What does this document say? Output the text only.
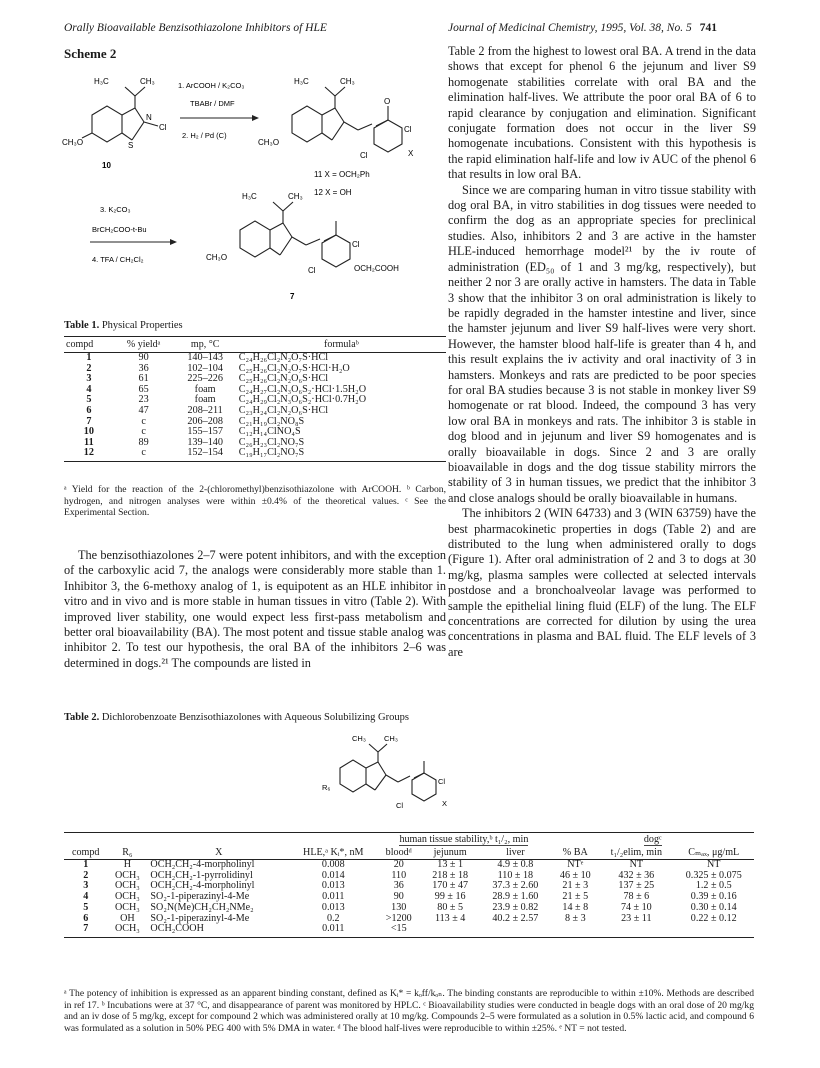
Orally Bioavailable Benzisothiazolone Inhibitors of HLE	Journal of Medicinal Chemistry, 1995, Vol. 38, No. 5 741
Scheme 2
H₃C	CH₃
CH₃O
N
S
Cl
10
1. ArCOOH / K₂CO₃
TBABr / DMF
2. H₂ / Pd (C)
H₃C	CH₃
CH₃O
O
Cl
Cl	X
11 X = OCH₂Ph
12 X = OH
3. K₂CO₃
BrCH₂COO-t-Bu
4. TFA / CH₂Cl₂
H₃C	CH₃
CH₃O
Cl
Cl	OCH₂COOH
7
Table 1. Physical Properties
compd	% yieldᵃ	mp, °C	formulaᵇ
1	90	140–143	C₂₄H₂₆Cl₂N₂O₇S·HCl
2	36	102–104	C₂₅H₂₆Cl₂N₂O₇S·HCl·H₂O
3	61	225–226	C₂₅H₂₆Cl₂N₂O₆S·HCl
4	65	foam	C₂₄H₂₇Cl₂N₃O₆S₂·HCl·1.5H₂O
5	23	foam	C₂₄H₂₉Cl₂N₃O₆S₂·HCl·0.7H₂O
6	47	208–211	C₂₃H₂₄Cl₂N₂O₆S·HCl
7	c	206–208	C₂₁H₁₉Cl₂NO₈S
10	c	155–157	C₁₂H₁₄ClNO₄S
11	89	139–140	C₂₆H₂₃Cl₂NO₇S
12	c	152–154	C₁₉H₁₇Cl₂NO₇S
ᵃ Yield for the reaction of the 2-(chloromethyl)benzisothiazolone with ArCOOH. ᵇ Carbon, hydrogen, and nitrogen analyses were within ±0.4% of the theoretical values. ᶜ See the Experimental Section.

The benzisothiazolones 2–7 were potent inhibitors, and with the exception of the carboxylic acid 7, the analogs were considerably more stable than 1. Inhibitor 3, the 6-methoxy analog of 1, is equipotent as an HLE inhibitor in vitro and in vivo and is more stable in human tissues in vitro (Table 2). With improved liver stability, one would expect less first-pass metabolism and better oral bioavailability (BA). The most potent and tissue stable analog was inhibitor 2. To test our hypothesis, the oral BA of the inhibitors 2–6 was determined in dogs.²¹ The compounds are listed in

Table 2 from the highest to lowest oral BA. A trend in the data shows that except for phenol 6 the jejunum and liver S9 homogenate stabilities correlate with oral BA and the elimination half-lives. We attribute the poor oral BA of 6 to rapid clearance by conjugation and elimination. Significant conjugate formation does not occur in the liver S9 homogenate incubations. Consistent with this hypothesis is the rapid elimination half-life and low iv AUC of the phenol 6 that results in low oral BA.

Since we are comparing human in vitro tissue stability with dog oral BA, in vitro stabilities in dog tissues were needed to confirm the dog as an appropriate species for preclinical studies. Also, inhibitors 2 and 3 are active in the hamster HLE-induced hemorrhage model²¹ by the iv route of administration (ED₅₀ of 1 and 3 mg/kg, respectively), but neither 2 nor 3 are orally active in hamsters. The data in Table 3 show that the inhibitor 3 on oral administration is likely to be rapidly degraded in the hamster intestine and liver, since the hamster jejunum and liver S9 half-lives were very short. However, the hamster blood half-life is greater than 4 h, and this result explains the iv activity and oral inactivity of 3 in hamsters. Monkeys and rats are predicted to be poor species for oral BA studies because 3 is not stable in monkey liver S9 homogenate or rat blood. Indeed, the compound 3 has very low oral BA in monkeys and rats. The inhibitor 3 is stable in dog blood and in jejunum and liver S9 homogenates and is orally bioavailable in dogs. Since 2 and 3 are orally bioavailable in dogs and the dog tissue stability mirrors the stability of 3 in human tissues, we predict that the inhibitor 3 and close analogs should be orally bioavailable in humans.

The inhibitors 2 (WIN 64733) and 3 (WIN 63759) have the best pharmacokinetic properties in dogs (Table 2) and are distributed to the lung when administered orally to dogs (Figure 1). After oral administration of 2 and 3 to dogs at 30 mg/kg, plasma samples were collected at selected intervals postdose and a bronchoalveolar lavage was performed to sample the epithelial lining fluid (ELF) of the lung. The ELF concentrations are corrected for dilution by using the urea concentrations in plasma and BAL fluid. The ELF levels of 3 are

Table 2. Dichlorobenzoate Benzisothiazolones with Aqueous Solubilizing Groups
CH₃ CH₃
R₆
Cl
Cl	X
				human tissue stability,ᵇ t₁/₂, min			dogᶜ		
compd	R₆	X	HLE,ᵃ Kᵢ*, nM	bloodᵈ	jejunum	liver	% BA	t₁/₂elim, min	Cₘₐₓ, μg/mL
1	H	OCH₂CH₂-4-morpholinyl	0.008	20	13 ± 1	4.9 ± 0.8	NTᵉ	NT	NT
2	OCH₃	OCH₂CH₂-1-pyrrolidinyl	0.014	110	218 ± 18	110 ± 18	46 ± 10	432 ± 36	0.325 ± 0.075
3	OCH₃	OCH₂CH₂-4-morpholinyl	0.013	36	170 ± 47	37.3 ± 2.60	21 ± 3	137 ± 25	1.2 ± 0.5
4	OCH₃	SO₂-1-piperazinyl-4-Me	0.011	90	99 ± 16	28.9 ± 1.60	21 ± 5	78 ± 6	0.39 ± 0.16
5	OCH₃	SO₂N(Me)CH₂CH₂NMe₂	0.013	130	80 ± 5	23.9 ± 0.82	14 ± 8	74 ± 10	0.30 ± 0.14
6	OH	SO₂-1-piperazinyl-4-Me	0.2	>1200	113 ± 4	40.2 ± 2.57	8 ± 3	23 ± 11	0.22 ± 0.12
7	OCH₃	OCH₂COOH	0.011	<15					
ᵃ The potency of inhibition is expressed as an apparent binding constant, defined as Kᵢ* = kₒff/kₒₙ. The binding constants are reproducible to within ±10%. Methods are described in ref 17. ᵇ Incubations were at 37 °C, and disappearance of parent was monitored by HPLC. ᶜ Bioavailability studies were conducted in beagle dogs with an oral dose of 20 mg/kg and an iv dose of 5 mg/kg, except for compound 2 which was administered orally at 10 mg/kg. Compounds 2–5 were formulated as a solution in 0.5% lactic acid, and compound 6 was formulated as a solution in 50% PEG 400 with 5% DMA in water. ᵈ The blood half-lives were reproducible to within ±25%. ᵉ NT = not tested.
